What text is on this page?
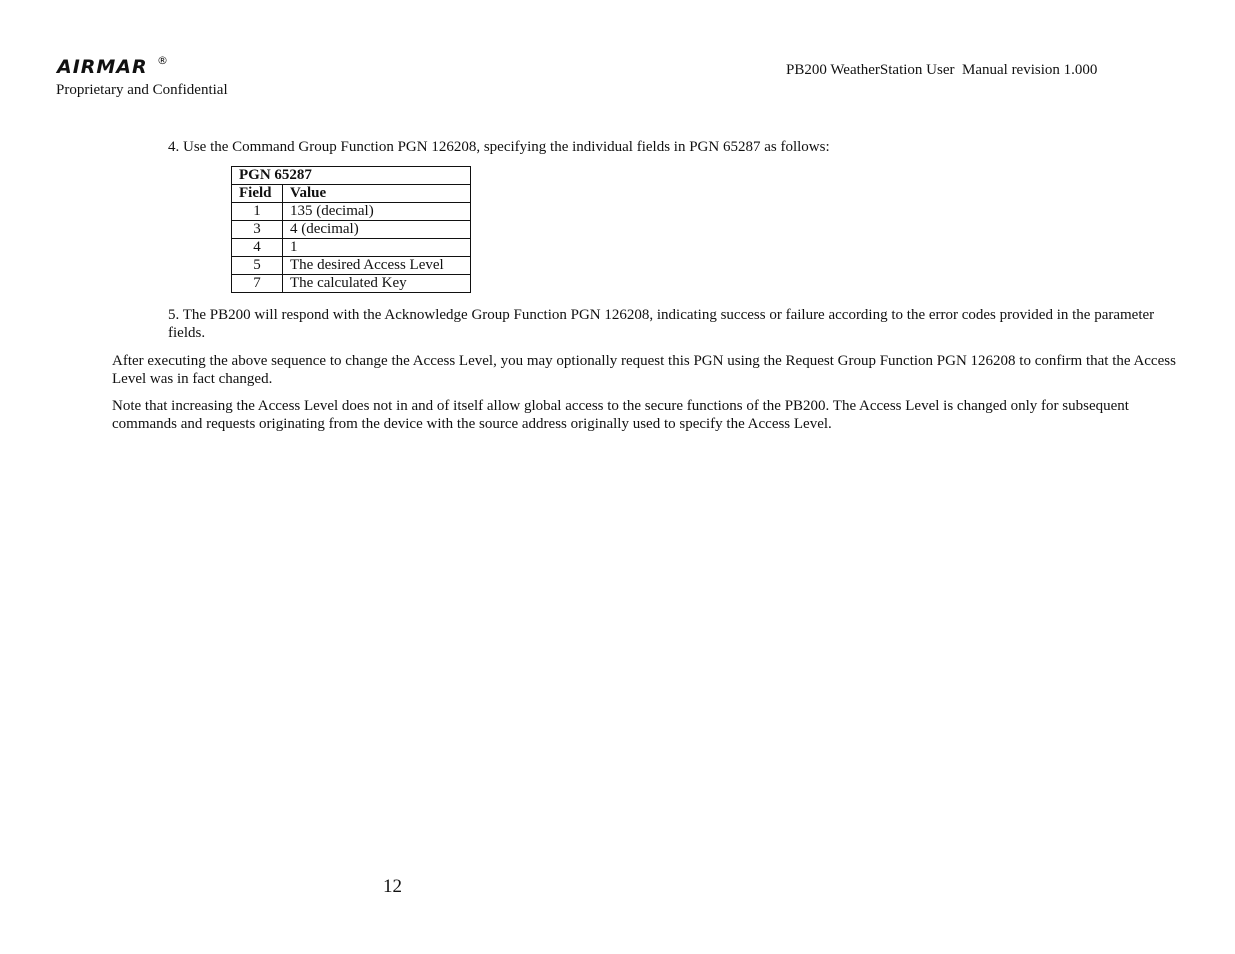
AIRMAR ®
Proprietary and Confidential
PB200 WeatherStation User  Manual revision 1.000
4. Use the Command Group Function PGN 126208, specifying the individual fields in PGN 65287 as follows:
PGN 65287	
Field	Value
1	135 (decimal)
3	4 (decimal)
4	1
5	The desired Access Level
7	The calculated Key
5. The PB200 will respond with the Acknowledge Group Function PGN 126208, indicating success or failure according to the error codes provided in the parameter fields.
After executing the above sequence to change the Access Level, you may optionally request this PGN using the Request Group Function PGN 126208 to confirm that the Access Level was in fact changed.
Note that increasing the Access Level does not in and of itself allow global access to the secure functions of the PB200. The Access Level is changed only for subsequent commands and requests originating from the device with the source address originally used to specify the Access Level.
12
